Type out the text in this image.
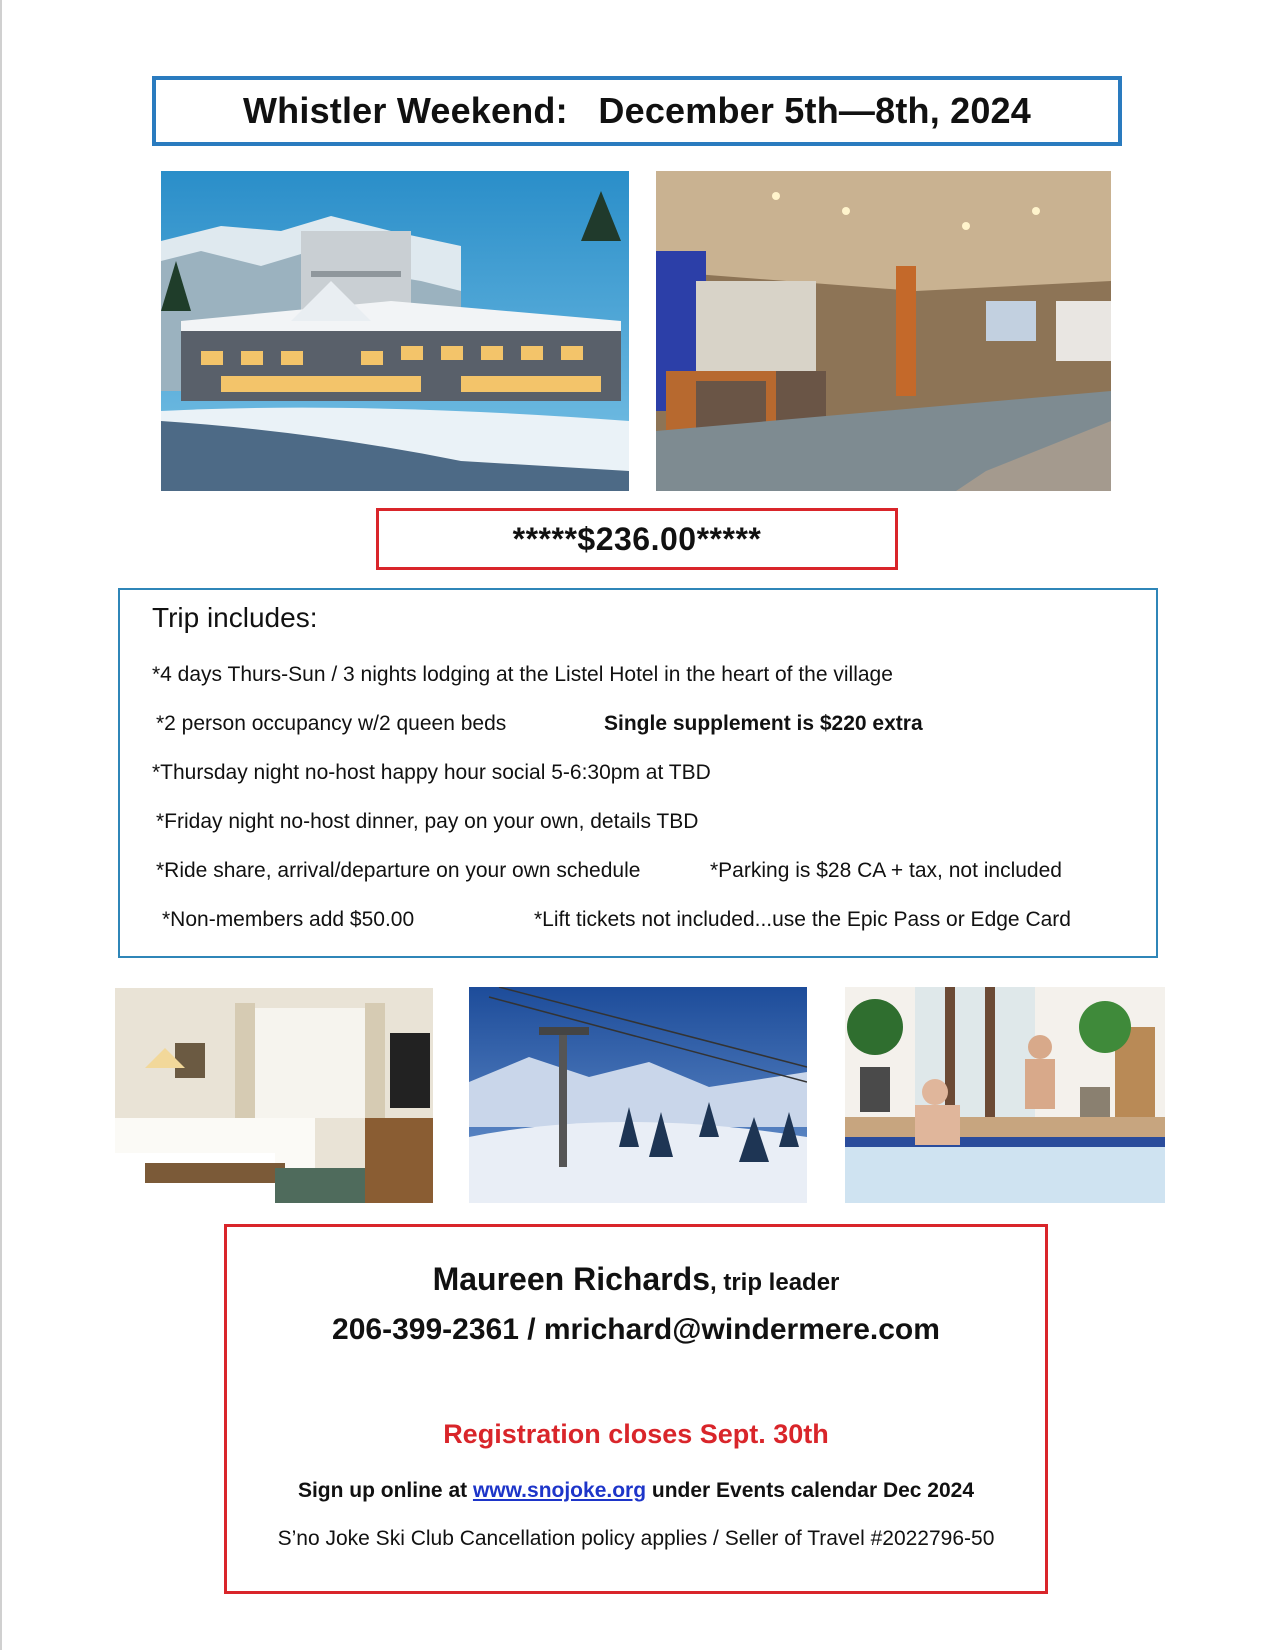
Whistler Weekend:   December 5th—8th, 2024
*****$236.00*****
Trip includes:
*4 days Thurs-Sun / 3 nights lodging at the Listel Hotel in the heart of the village
*2 person occupancy w/2 queen beds	Single supplement is $220 extra
*Thursday night no-host happy hour social 5-6:30pm at TBD
*Friday night no-host dinner, pay on your own, details TBD
*Ride share, arrival/departure on your own schedule	*Parking is $28 CA + tax, not included
*Non-members add $50.00	*Lift tickets not included...use the Epic Pass or Edge Card
Maureen Richards, trip leader
206-399-2361 / mrichard@windermere.com
Registration closes Sept. 30th
Sign up online at www.snojoke.org under Events calendar Dec 2024
S’no Joke Ski Club Cancellation policy applies / Seller of Travel #2022796-50
